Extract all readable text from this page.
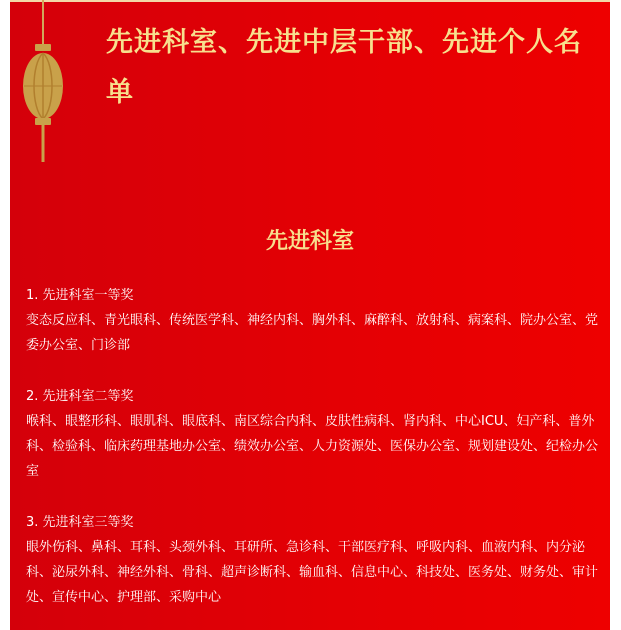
先进科室、先进中层干部、先进个人名单
先进科室

1. 先进科室一等奖

变态反应科、青光眼科、传统医学科、神经内科、胸外科、麻醉科、放射科、病案科、院办公室、党委办公室、门诊部

2. 先进科室二等奖

喉科、眼整形科、眼肌科、眼底科、南区综合内科、皮肤性病科、肾内科、中心ICU、妇产科、普外科、检验科、临床药理基地办公室、绩效办公室、人力资源处、医保办公室、规划建设处、纪检办公室

3. 先进科室三等奖

眼外伤科、鼻科、耳科、头颈外科、耳研所、急诊科、干部医疗科、呼吸内科、血液内科、内分泌科、泌尿外科、神经外科、骨科、超声诊断科、输血科、信息中心、科技处、医务处、财务处、审计处、宣传中心、护理部、采购中心
